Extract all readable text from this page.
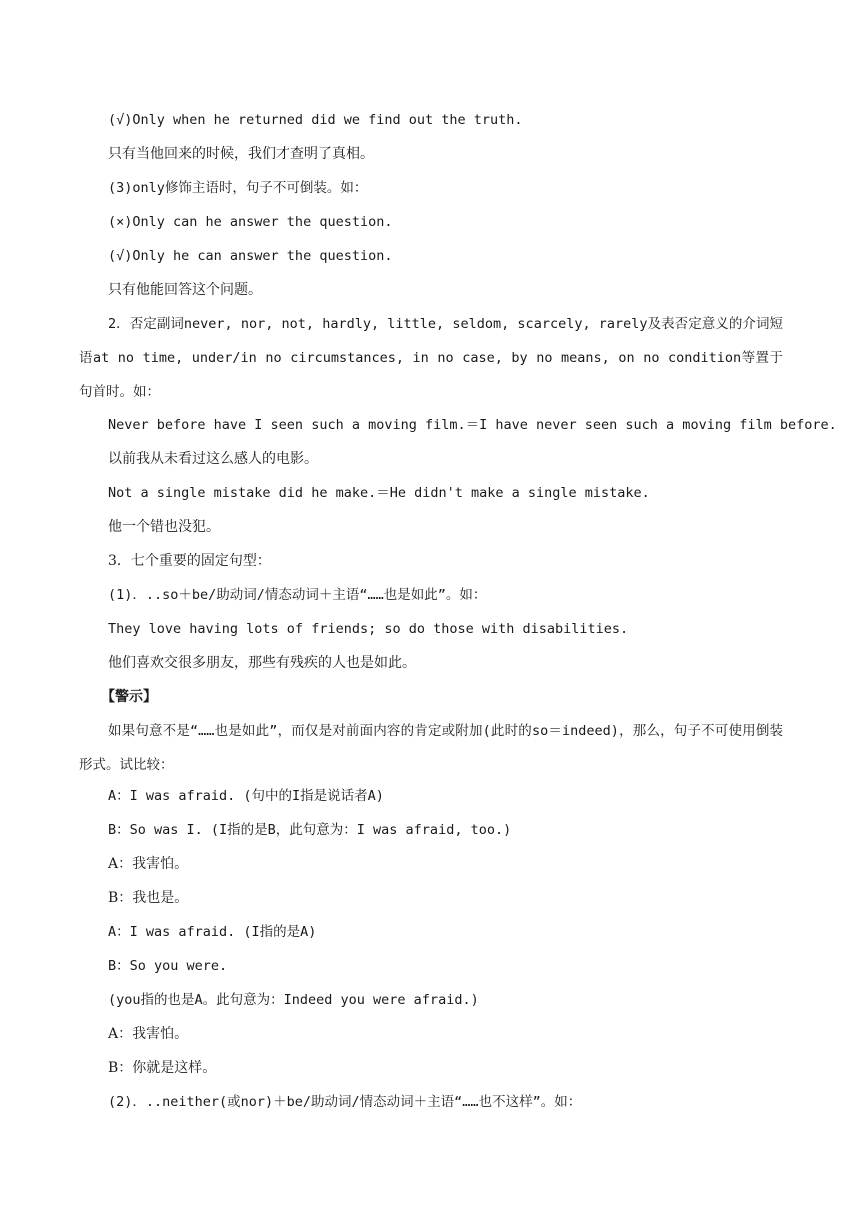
(√)Only when he returned did we find out the truth.
只有当他回来的时候，我们才查明了真相。
(3)only修饰主语时，句子不可倒装。如：
(×)Only can he answer the question.
(√)Only he can answer the question.
只有他能回答这个问题。
2．否定副词never, nor, not, hardly, little, seldom, scarcely, rarely及表否定意义的介词短语at no time, under/in no circumstances, in no case, by no means, on no condition等置于句首时。如：
Never before have I seen such a moving film.＝I have never seen such a moving film before.
以前我从未看过这么感人的电影。
Not a single mistake did he make.＝He didn't make a single mistake.
他一个错也没犯。
3．七个重要的固定句型：
(1)．..so＋be/助动词/情态动词＋主语“……也是如此”。如：
They love having lots of friends; so do those with disabilities.
他们喜欢交很多朋友，那些有残疾的人也是如此。
【警示】
如果句意不是“……也是如此”，而仅是对前面内容的肯定或附加(此时的so＝indeed)，那么，句子不可使用倒装形式。试比较：
A：I was afraid. (句中的I指是说话者A)
B：So was I. (I指的是B，此句意为：I was afraid, too.)
A：我害怕。
B：我也是。
A：I was afraid. (I指的是A)
B：So you were.
(you指的也是A。此句意为：Indeed you were afraid.)
A：我害怕。
B：你就是这样。
(2)．..neither(或nor)＋be/助动词/情态动词＋主语“……也不这样”。如：
